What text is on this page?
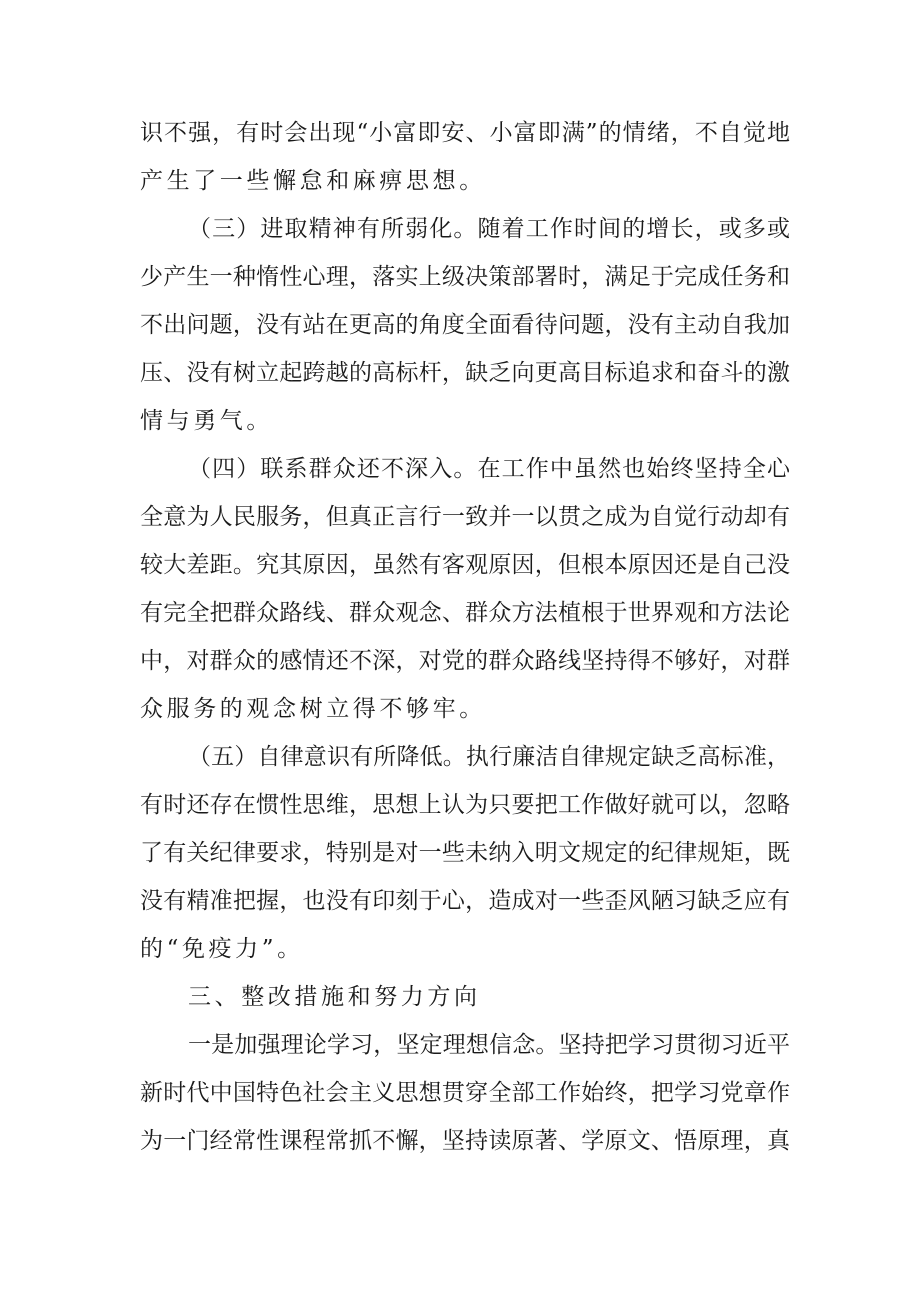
识不强，有时会出现“小富即安、小富即满”的情绪，不自觉地
产生了一些懈怠和麻痹思想。
（三）进取精神有所弱化。随着工作时间的增长，或多或
少产生一种惰性心理，落实上级决策部署时，满足于完成任务和
不出问题，没有站在更高的角度全面看待问题，没有主动自我加
压、没有树立起跨越的高标杆，缺乏向更高目标追求和奋斗的激
情与勇气。
（四）联系群众还不深入。在工作中虽然也始终坚持全心
全意为人民服务，但真正言行一致并一以贯之成为自觉行动却有
较大差距。究其原因，虽然有客观原因，但根本原因还是自己没
有完全把群众路线、群众观念、群众方法植根于世界观和方法论
中，对群众的感情还不深，对党的群众路线坚持得不够好，对群
众服务的观念树立得不够牢。
（五）自律意识有所降低。执行廉洁自律规定缺乏高标准，
有时还存在惯性思维，思想上认为只要把工作做好就可以，忽略
了有关纪律要求，特别是对一些未纳入明文规定的纪律规矩，既
没有精准把握，也没有印刻于心，造成对一些歪风陋习缺乏应有
的“免疫力”。
三、整改措施和努力方向
一是加强理论学习，坚定理想信念。坚持把学习贯彻习近平
新时代中国特色社会主义思想贯穿全部工作始终，把学习党章作
为一门经常性课程常抓不懈，坚持读原著、学原文、悟原理，真
